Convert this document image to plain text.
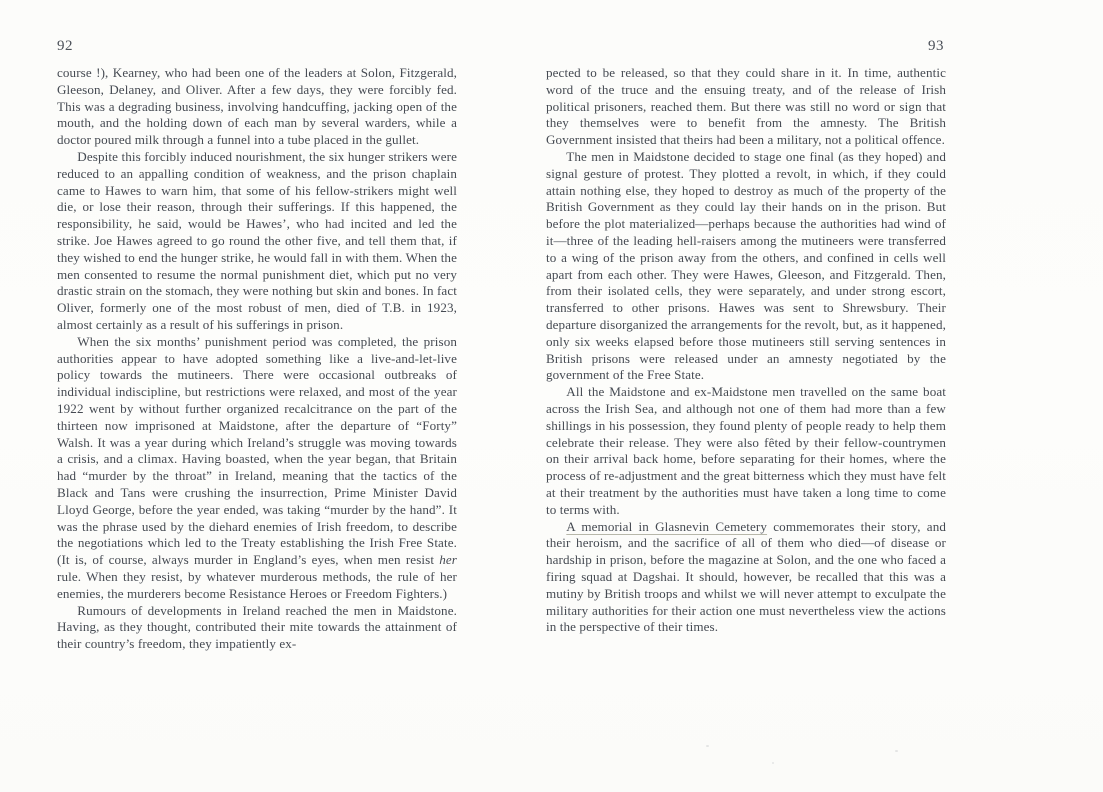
92

course !), Kearney, who had been one of the leaders at Solon, Fitzgerald, Gleeson, Delaney, and Oliver. After a few days, they were forcibly fed. This was a degrading business, involving handcuffing, jacking open of the mouth, and the holding down of each man by several warders, while a doctor poured milk through a funnel into a tube placed in the gullet.

Despite this forcibly induced nourishment, the six hunger strikers were reduced to an appalling condition of weakness, and the prison chaplain came to Hawes to warn him, that some of his fellow-strikers might well die, or lose their reason, through their sufferings. If this happened, the responsibility, he said, would be Hawes’, who had incited and led the strike. Joe Hawes agreed to go round the other five, and tell them that, if they wished to end the hunger strike, he would fall in with them. When the men consented to resume the normal punishment diet, which put no very drastic strain on the stomach, they were nothing but skin and bones. In fact Oliver, formerly one of the most robust of men, died of T.B. in 1923, almost certainly as a result of his sufferings in prison.

When the six months’ punishment period was completed, the prison authorities appear to have adopted something like a live-and-let-live policy towards the mutineers. There were occasional outbreaks of individual indiscipline, but restrictions were relaxed, and most of the year 1922 went by without further organized recalcitrance on the part of the thirteen now imprisoned at Maidstone, after the departure of “Forty” Walsh. It was a year during which Ireland’s struggle was moving towards a crisis, and a climax. Having boasted, when the year began, that Britain had “murder by the throat” in Ireland, meaning that the tactics of the Black and Tans were crushing the insurrection, Prime Minister David Lloyd George, before the year ended, was taking “murder by the hand”. It was the phrase used by the diehard enemies of Irish freedom, to describe the negotiations which led to the Treaty establishing the Irish Free State. (It is, of course, always murder in England’s eyes, when men resist her rule. When they resist, by whatever murderous methods, the rule of her enemies, the murderers become Resistance Heroes or Freedom Fighters.)

Rumours of developments in Ireland reached the men in Maidstone. Having, as they thought, contributed their mite towards the attainment of their country’s freedom, they impatiently ex-

93

pected to be released, so that they could share in it. In time, authentic word of the truce and the ensuing treaty, and of the release of Irish political prisoners, reached them. But there was still no word or sign that they themselves were to benefit from the amnesty. The British Government insisted that theirs had been a military, not a political offence.

The men in Maidstone decided to stage one final (as they hoped) and signal gesture of protest. They plotted a revolt, in which, if they could attain nothing else, they hoped to destroy as much of the property of the British Government as they could lay their hands on in the prison. But before the plot materialized—perhaps because the authorities had wind of it—three of the leading hell-raisers among the mutineers were transferred to a wing of the prison away from the others, and confined in cells well apart from each other. They were Hawes, Gleeson, and Fitzgerald. Then, from their isolated cells, they were separately, and under strong escort, transferred to other prisons. Hawes was sent to Shrewsbury. Their departure disorganized the arrangements for the revolt, but, as it happened, only six weeks elapsed before those mutineers still serving sentences in British prisons were released under an amnesty negotiated by the government of the Free State.

All the Maidstone and ex-Maidstone men travelled on the same boat across the Irish Sea, and although not one of them had more than a few shillings in his possession, they found plenty of people ready to help them celebrate their release. They were also fêted by their fellow-countrymen on their arrival back home, before separating for their homes, where the process of re-adjustment and the great bitterness which they must have felt at their treatment by the authorities must have taken a long time to come to terms with.

A memorial in Glasnevin Cemetery commemorates their story, and their heroism, and the sacrifice of all of them who died—of disease or hardship in prison, before the magazine at Solon, and the one who faced a firing squad at Dagshai. It should, however, be recalled that this was a mutiny by British troops and whilst we will never attempt to exculpate the military authorities for their action one must nevertheless view the actions in the perspective of their times.
